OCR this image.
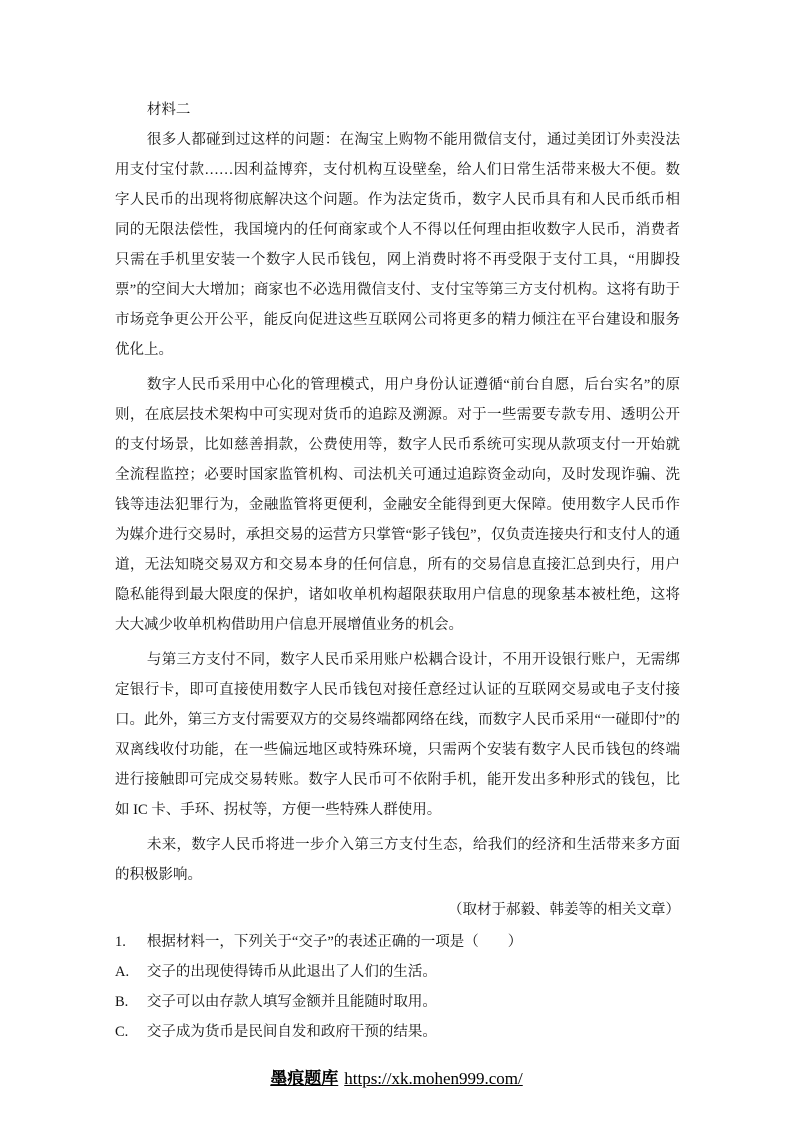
材料二

很多人都碰到过这样的问题：在淘宝上购物不能用微信支付，通过美团订外卖没法用支付宝付款……因利益博弈，支付机构互设壁垒，给人们日常生活带来极大不便。数字人民币的出现将彻底解决这个问题。作为法定货币，数字人民币具有和人民币纸币相同的无限法偿性，我国境内的任何商家或个人不得以任何理由拒收数字人民币，消费者只需在手机里安装一个数字人民币钱包，网上消费时将不再受限于支付工具，“用脚投票”的空间大大增加；商家也不必选用微信支付、支付宝等第三方支付机构。这将有助于市场竞争更公开公平，能反向促进这些互联网公司将更多的精力倾注在平台建设和服务优化上。

数字人民币采用中心化的管理模式，用户身份认证遵循“前台自愿，后台实名”的原则，在底层技术架构中可实现对货币的追踪及溯源。对于一些需要专款专用、透明公开的支付场景，比如慈善捐款，公费使用等，数字人民币系统可实现从款项支付一开始就全流程监控；必要时国家监管机构、司法机关可通过追踪资金动向，及时发现诈骗、洗钱等违法犯罪行为，金融监管将更便利，金融安全能得到更大保障。使用数字人民币作为媒介进行交易时，承担交易的运营方只掌管“影子钱包”，仅负责连接央行和支付人的通道，无法知晓交易双方和交易本身的任何信息，所有的交易信息直接汇总到央行，用户隐私能得到最大限度的保护，诸如收单机构超限获取用户信息的现象基本被杜绝，这将大大减少收单机构借助用户信息开展增值业务的机会。

与第三方支付不同，数字人民币采用账户松耦合设计，不用开设银行账户，无需绑定银行卡，即可直接使用数字人民币钱包对接任意经过认证的互联网交易或电子支付接口。此外，第三方支付需要双方的交易终端都网络在线，而数字人民币采用“一碰即付”的双离线收付功能，在一些偏远地区或特殊环境，只需两个安装有数字人民币钱包的终端进行接触即可完成交易转账。数字人民币可不依附手机，能开发出多种形式的钱包，比如 IC 卡、手环、拐杖等，方便一些特殊人群使用。

未来，数字人民币将进一步介入第三方支付生态，给我们的经济和生活带来多方面的积极影响。

（取材于郝毅、韩姜等的相关文章）

1.	根据材料一，下列关于“交子”的表述正确的一项是（　　）
A.	交子的出现使得铸币从此退出了人们的生活。
B.	交子可以由存款人填写金额并且能随时取用。
C.	交子成为货币是民间自发和政府干预的结果。
墨痕题库 https://xk.mohen999.com/
